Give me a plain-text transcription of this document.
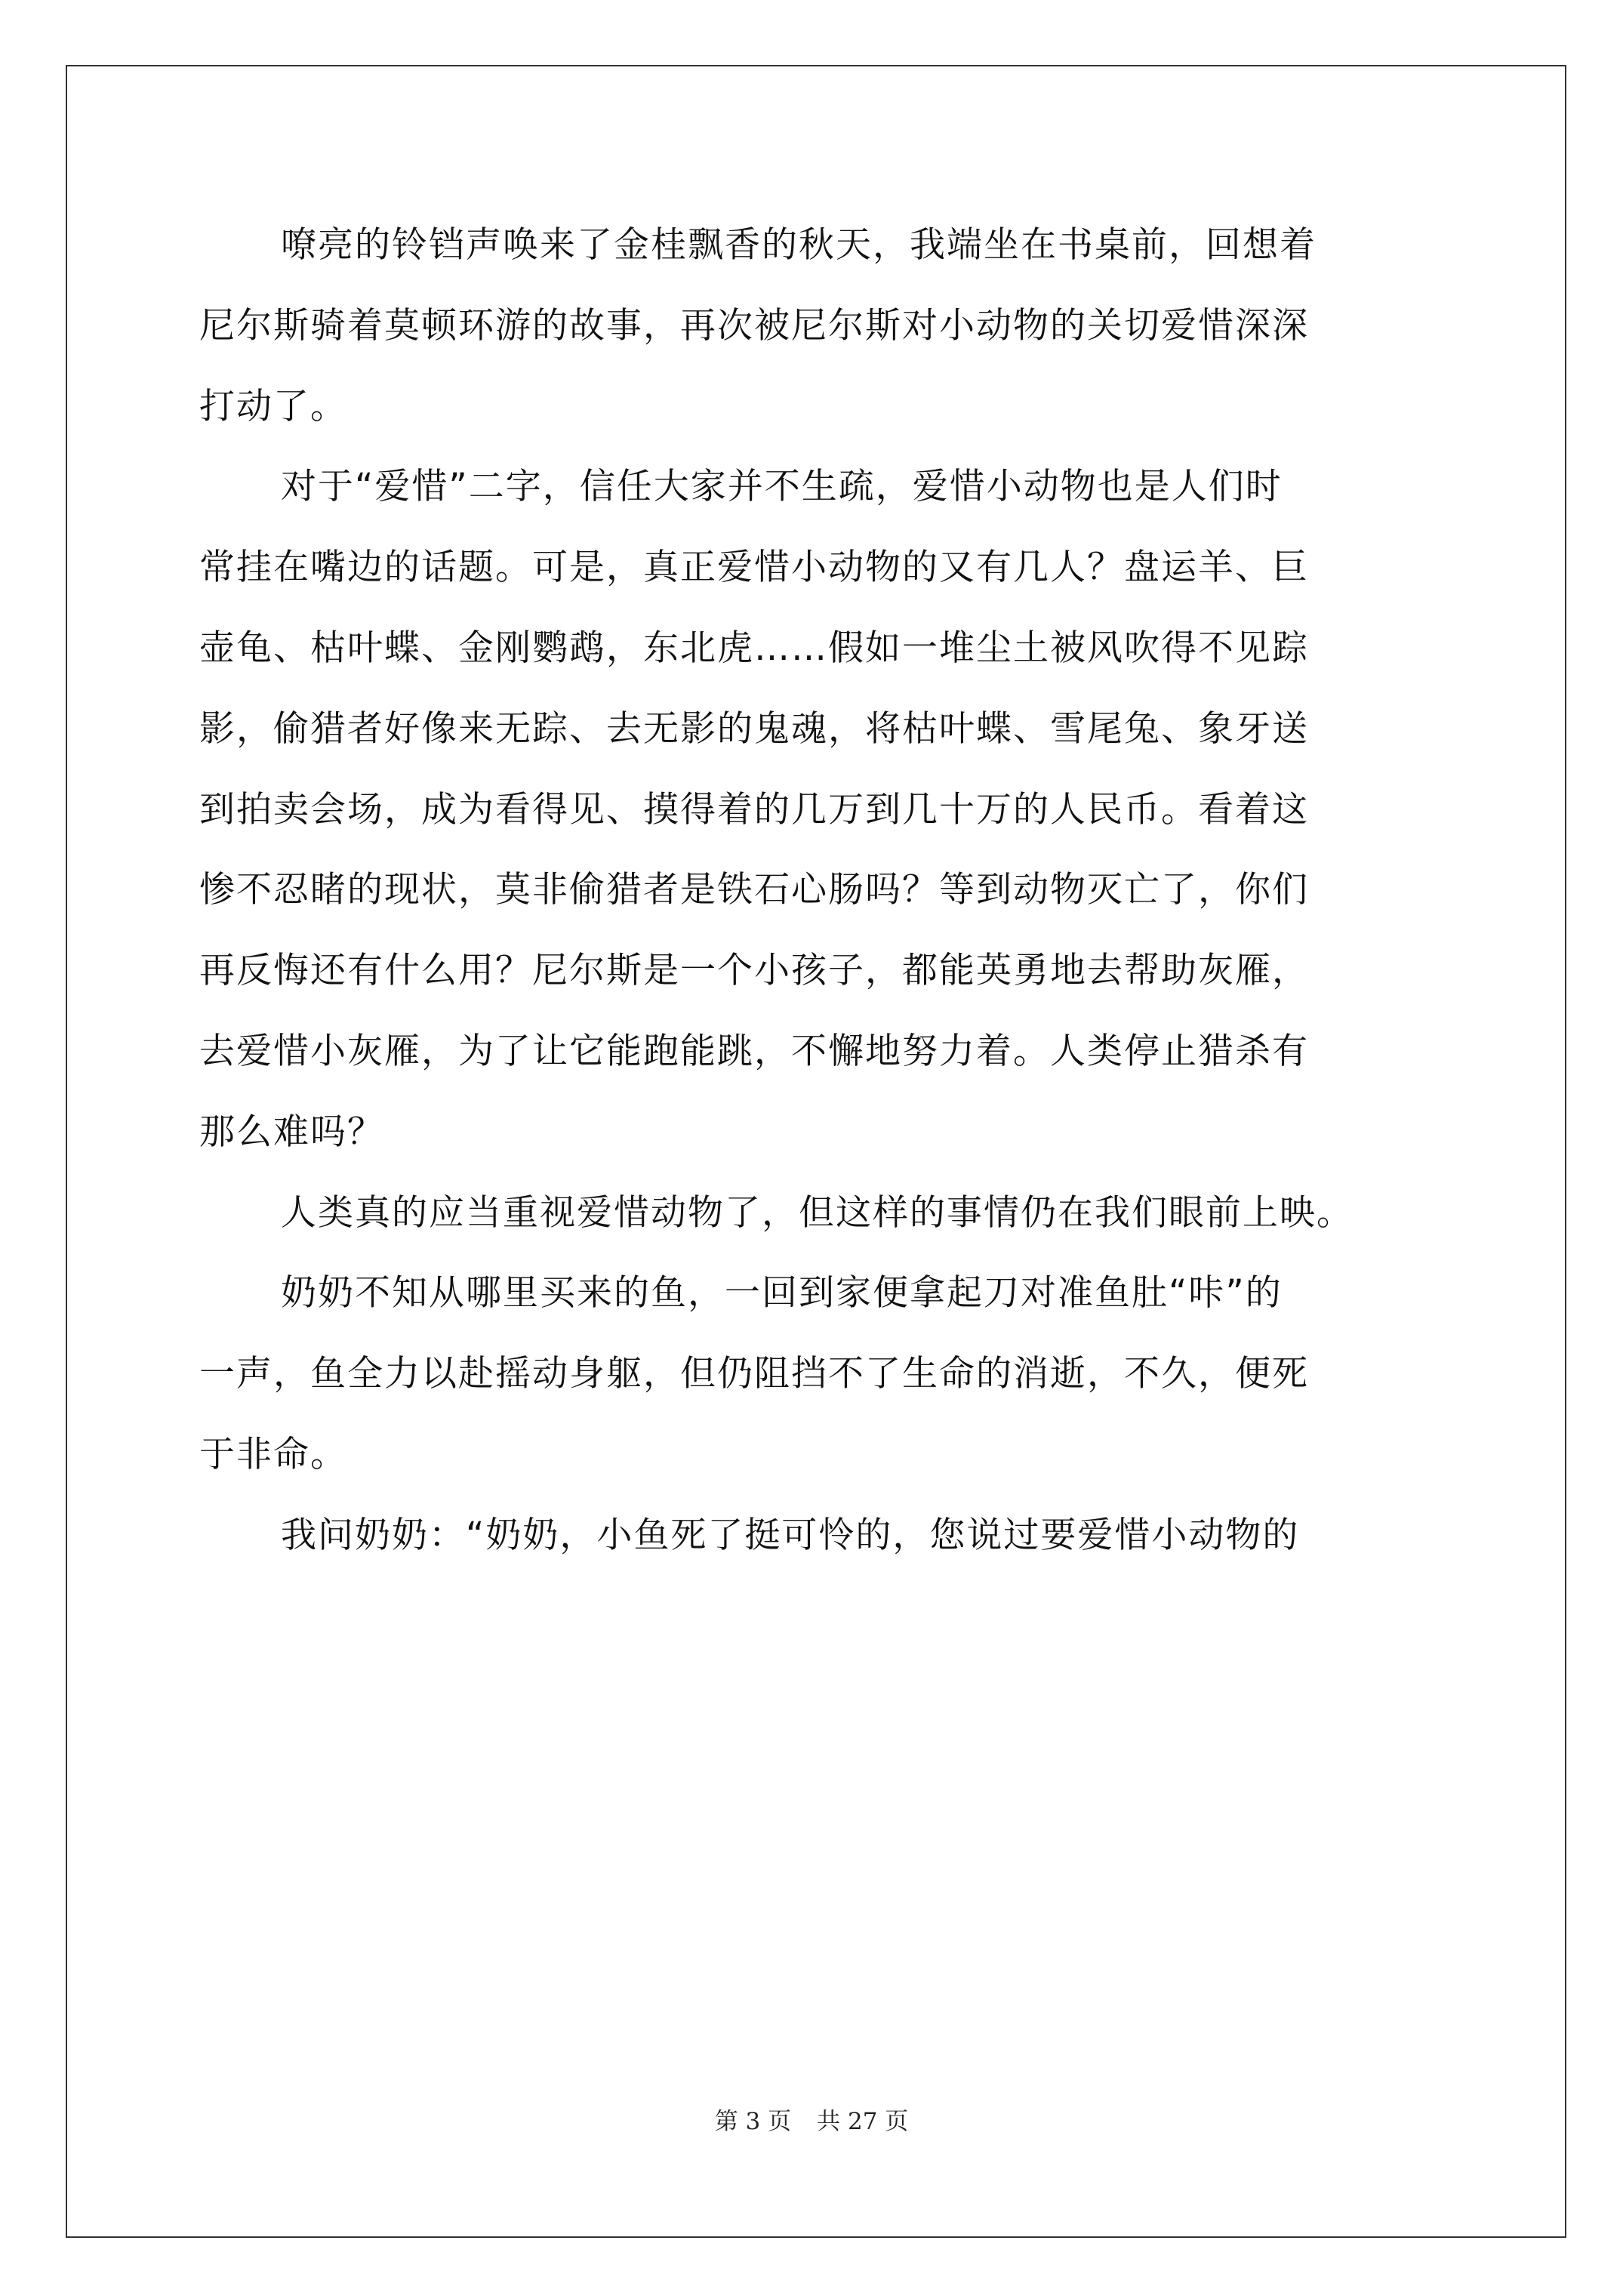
嘹亮的铃铛声唤来了金桂飘香的秋天，我端坐在书桌前，回想着
尼尔斯骑着莫顿环游的故事，再次被尼尔斯对小动物的关切爱惜深深
打动了。
对于“爱惜”二字，信任大家并不生疏，爱惜小动物也是人们时
常挂在嘴边的话题。可是，真正爱惜小动物的又有几人？盘运羊、巨
壶龟、枯叶蝶、金刚鹦鹉，东北虎……假如一堆尘土被风吹得不见踪
影，偷猎者好像来无踪、去无影的鬼魂，将枯叶蝶、雪尾兔、象牙送
到拍卖会场，成为看得见、摸得着的几万到几十万的人民币。看着这
惨不忍睹的现状，莫非偷猎者是铁石心肠吗？等到动物灭亡了，你们
再反悔还有什么用？尼尔斯是一个小孩子，都能英勇地去帮助灰雁，
去爱惜小灰雁，为了让它能跑能跳，不懈地努力着。人类停止猎杀有
那么难吗？
人类真的应当重视爱惜动物了，但这样的事情仍在我们眼前上映。
奶奶不知从哪里买来的鱼，一回到家便拿起刀对准鱼肚“咔”的
一声，鱼全力以赴摇动身躯，但仍阻挡不了生命的消逝，不久，便死
于非命。
我问奶奶：“奶奶，小鱼死了挺可怜的，您说过要爱惜小动物的
第 3 页 共 27 页
